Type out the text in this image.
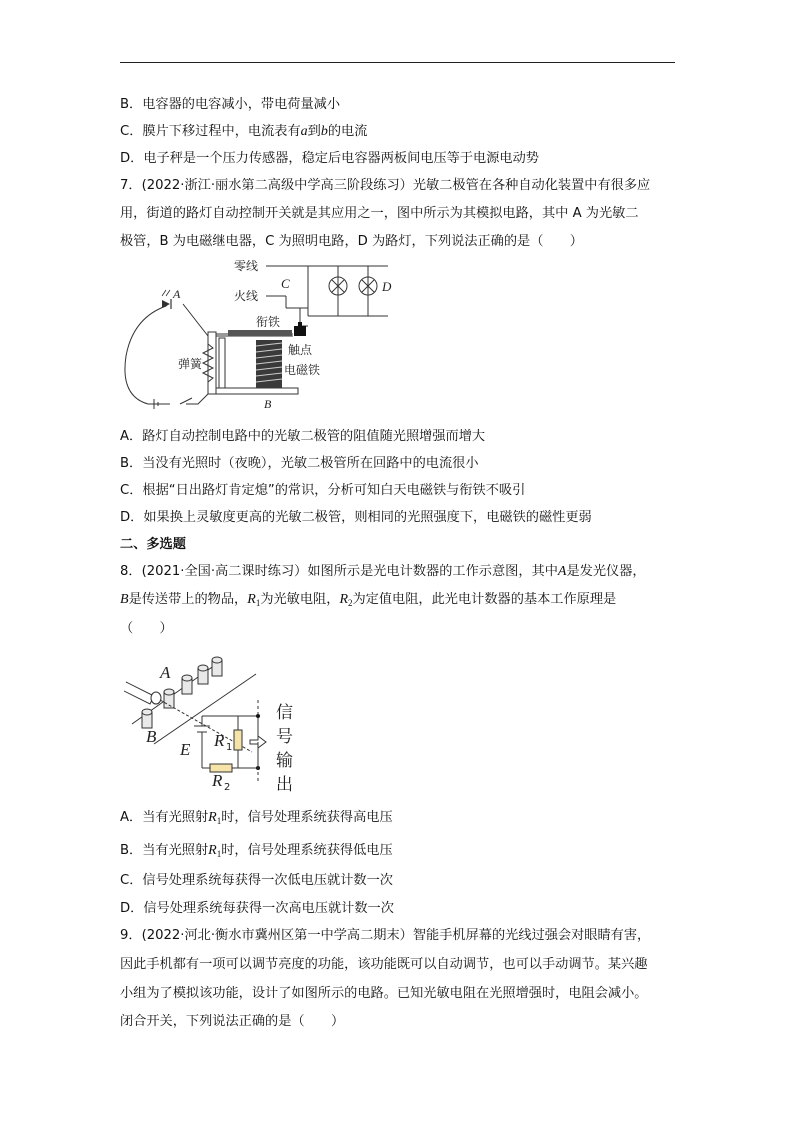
B．电容器的电容减小，带电荷量减小
C．膜片下移过程中，电流表有a到b的电流
D．电子秤是一个压力传感器，稳定后电容器两板间电压等于电源电动势
7．(2022·浙江·丽水第二高级中学高三阶段练习）光敏二极管在各种自动化装置中有很多应
用，街道的路灯自动控制开关就是其应用之一，图中所示为其模拟电路，其中 A 为光敏二
极管，B 为电磁继电器，C 为照明电路，D 为路灯，下列说法正确的是（　　）
零线
火线
C	D
A
衔铁
弹簧
触点
电磁铁
B
A．路灯自动控制电路中的光敏二极管的阻值随光照增强而增大
B．当没有光照时（夜晚），光敏二极管所在回路中的电流很小
C．根据“日出路灯肯定熄”的常识，分析可知白天电磁铁与衔铁不吸引
D．如果换上灵敏度更高的光敏二极管，则相同的光照强度下，电磁铁的磁性更弱
二、多选题
8．(2021·全国·高二课时练习）如图所示是光电计数器的工作示意图，其中A是发光仪器，
B是传送带上的物品，$R_1$为光敏电阻，$R_2$为定值电阻，此光电计数器的基本工作原理是
（　　）
A
B
E R 1
R 2
信
号
输
出
A．当有光照射$R_1$时，信号处理系统获得高电压
B．当有光照射$R_1$时，信号处理系统获得低电压
C．信号处理系统每获得一次低电压就计数一次
D．信号处理系统每获得一次高电压就计数一次
9．(2022·河北·衡水市冀州区第一中学高二期末）智能手机屏幕的光线过强会对眼睛有害，
因此手机都有一项可以调节亮度的功能，该功能既可以自动调节，也可以手动调节。某兴趣
小组为了模拟该功能，设计了如图所示的电路。已知光敏电阻在光照增强时，电阻会减小。
闭合开关，下列说法正确的是（　　）
